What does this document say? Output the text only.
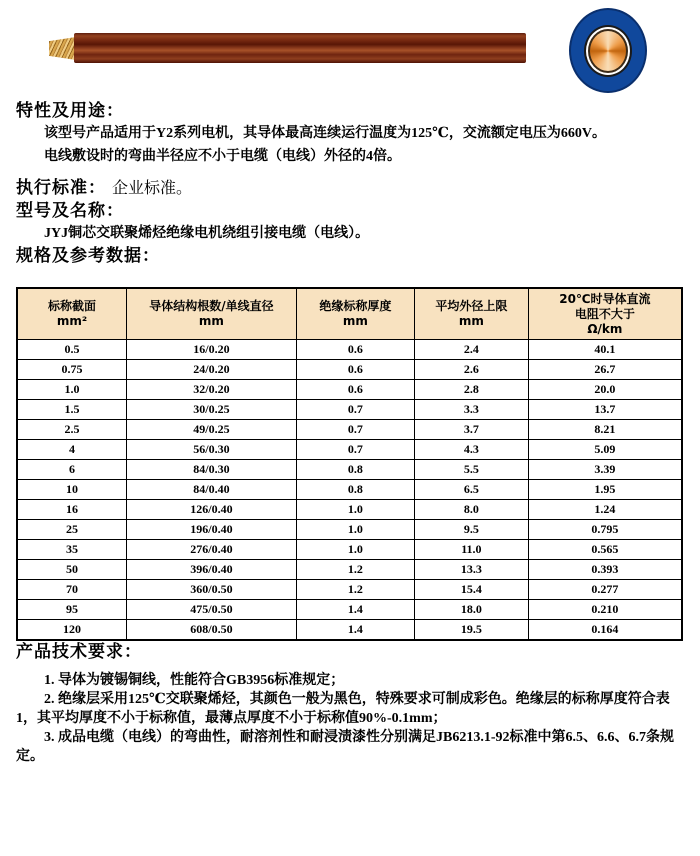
特性及用途：

该型号产品适用于Y2系列电机，其导体最高连续运行温度为125℃，交流额定电压为660V。

电线敷设时的弯曲半径应不小于电缆（电线）外径的4倍。

执行标准： 企业标准。
型号及名称：

JYJ铜芯交联聚烯烃绝缘电机绕组引接电缆（电线）。

规格及参考数据：
标称截面
mm²

导体结构根数/单线直径
mm

绝缘标称厚度
mm

平均外径上限
mm

20℃时导体直流
电阻不大于
Ω/km

0.5	16/0.20	0.6	2.4	40.1
0.75	24/0.20	0.6	2.6	26.7
1.0	32/0.20	0.6	2.8	20.0
1.5	30/0.25	0.7	3.3	13.7
2.5	49/0.25	0.7	3.7	8.21
4	56/0.30	0.7	4.3	5.09
6	84/0.30	0.8	5.5	3.39
10	84/0.40	0.8	6.5	1.95
16	126/0.40	1.0	8.0	1.24
25	196/0.40	1.0	9.5	0.795
35	276/0.40	1.0	11.0	0.565
50	396/0.40	1.2	13.3	0.393
70	360/0.50	1.2	15.4	0.277
95	475/0.50	1.4	18.0	0.210
120	608/0.50	1.4	19.5	0.164
产品技术要求：

1. 导体为镀锡铜线，性能符合GB3956标准规定；

2. 绝缘层采用125℃交联聚烯烃，其颜色一般为黑色，特殊要求可制成彩色。绝缘层的标称厚度符合表1，其平均厚度不小于标称值，最薄点厚度不小于标称值90%-0.1mm；

3. 成品电缆（电线）的弯曲性，耐溶剂性和耐浸渍漆性分别满足JB6213.1-92标准中第6.5、6.6、6.7条规定。
